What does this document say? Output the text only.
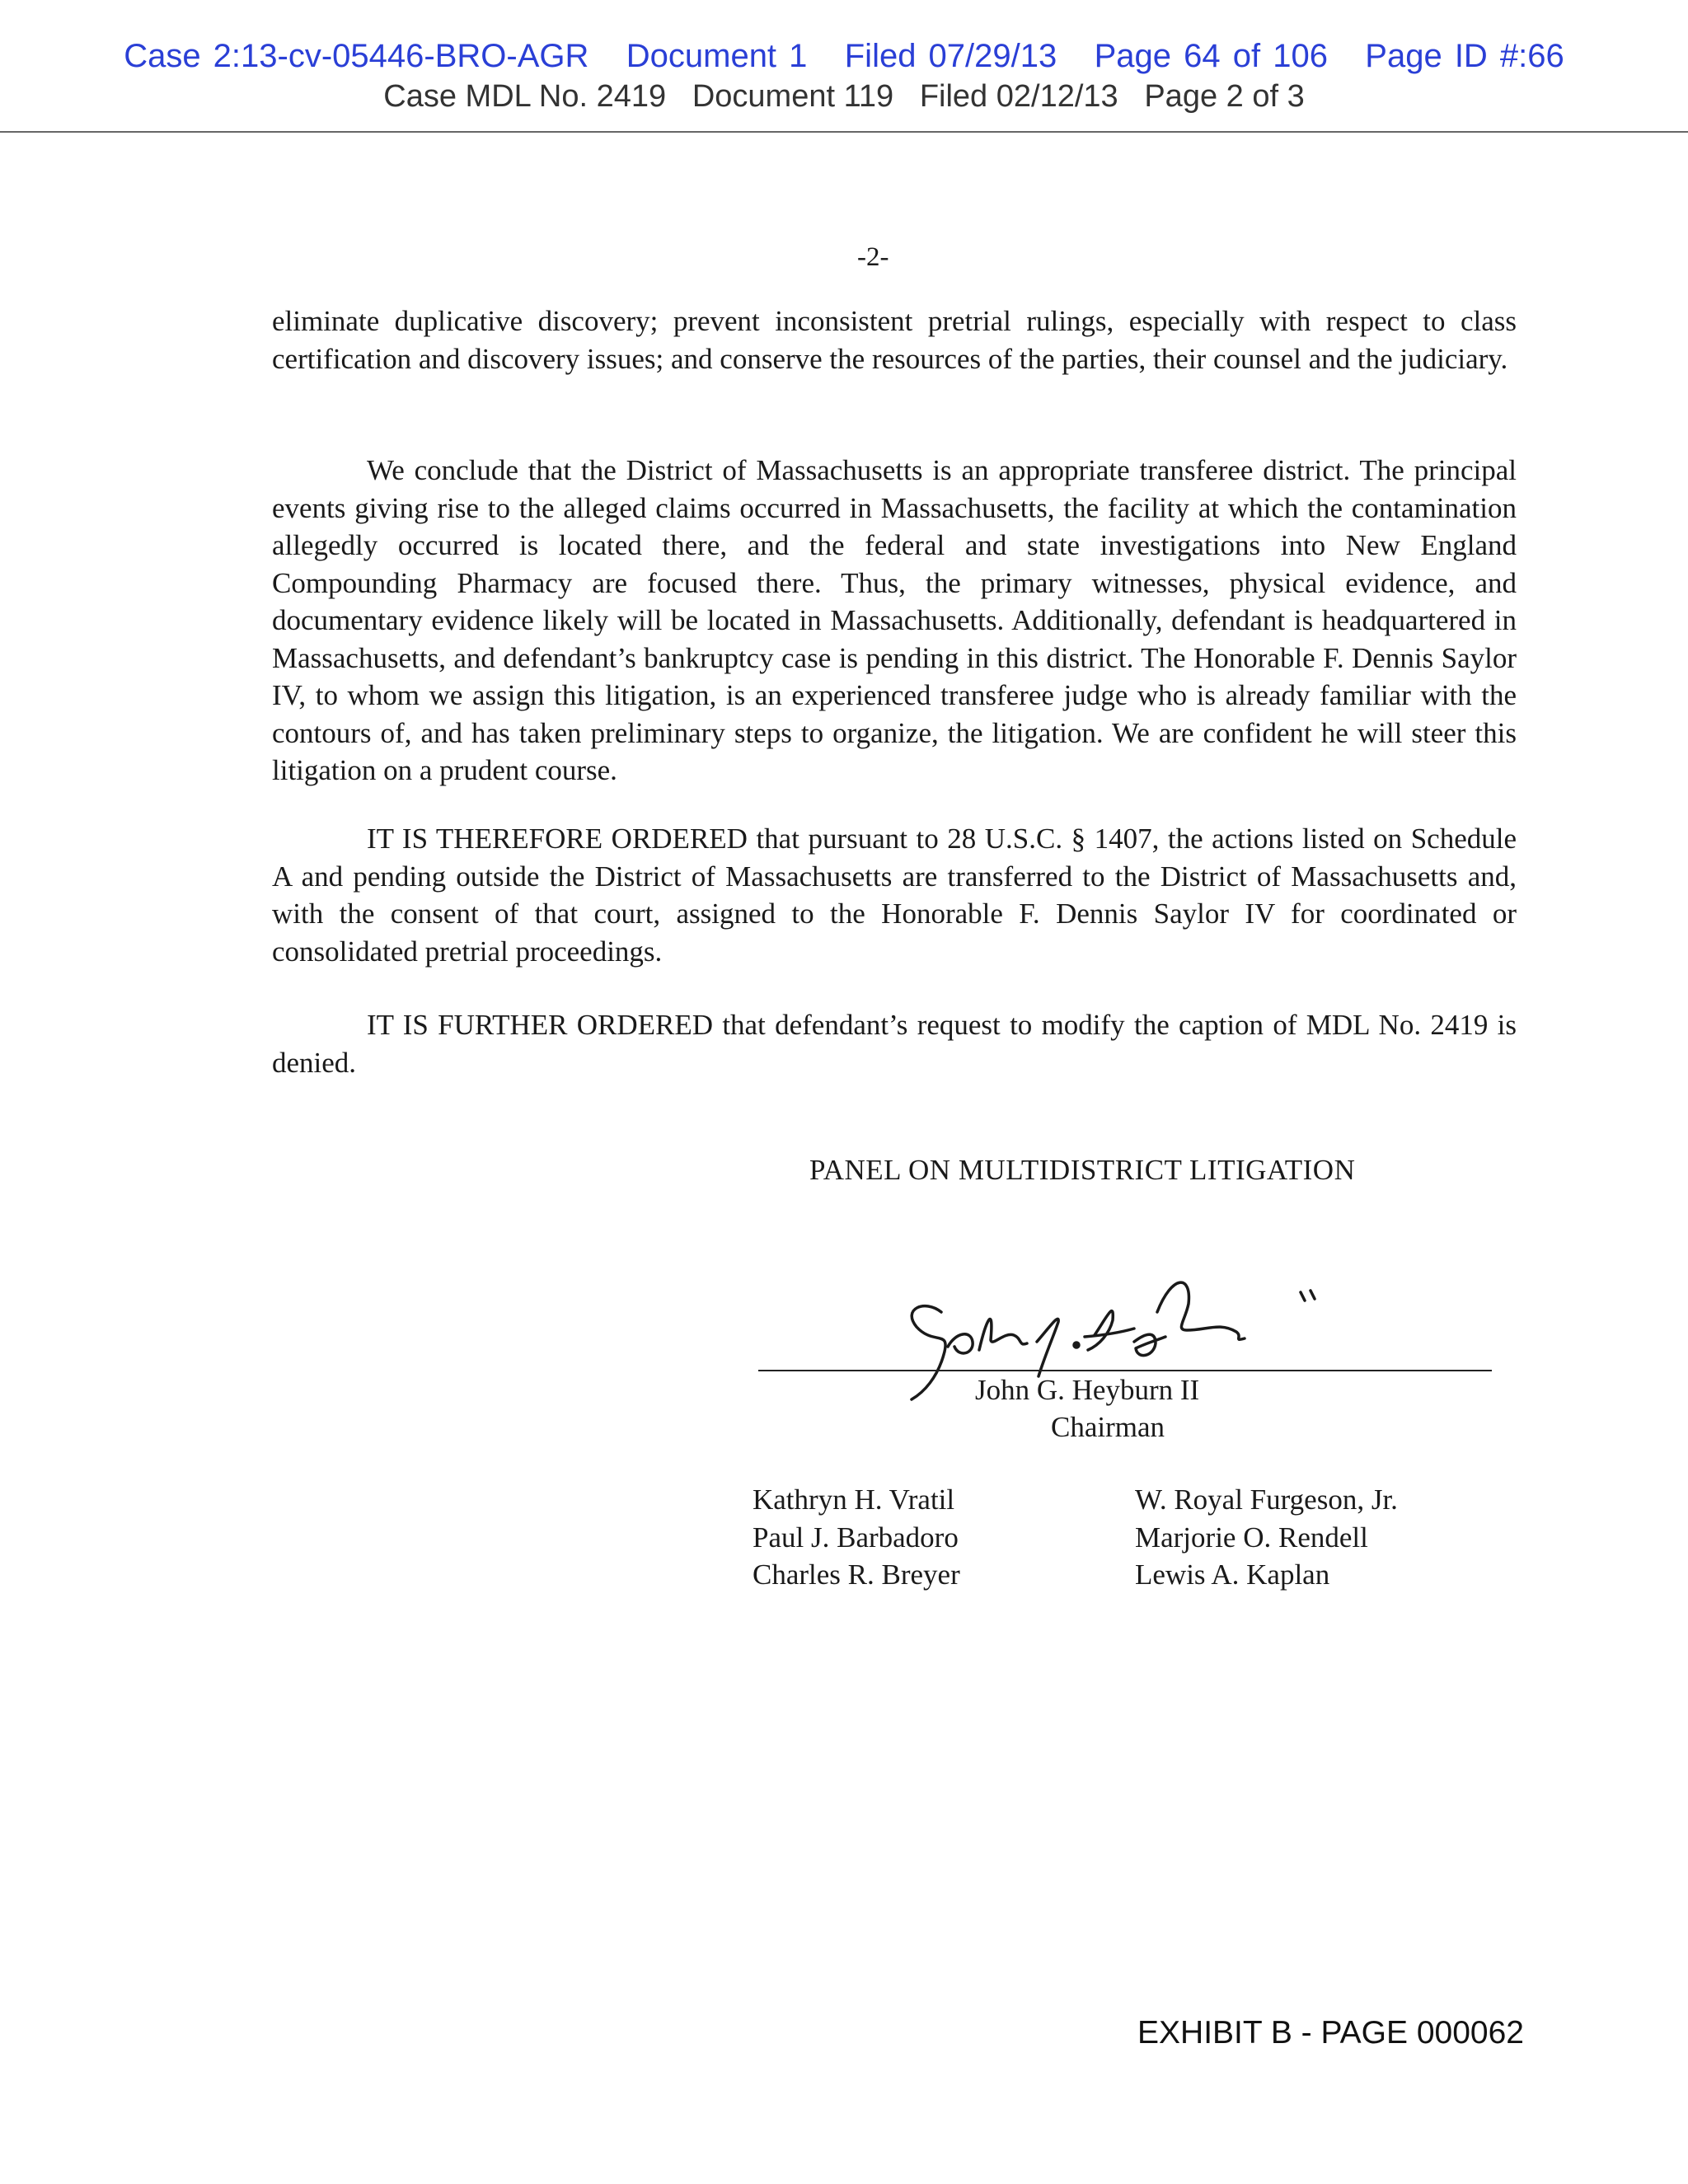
Case 2:13-cv-05446-BRO-AGR   Document 1   Filed 07/29/13   Page 64 of 106   Page ID #:66
Case MDL No. 2419   Document 119   Filed 02/12/13   Page 2 of 3
-2-

eliminate duplicative discovery; prevent inconsistent pretrial rulings, especially with respect to class certification and discovery issues; and conserve the resources of the parties, their counsel and the judiciary.

We conclude that the District of Massachusetts is an appropriate transferee district. The principal events giving rise to the alleged claims occurred in Massachusetts, the facility at which the contamination allegedly occurred is located there, and the federal and state investigations into New England Compounding Pharmacy are focused there. Thus, the primary witnesses, physical evidence, and documentary evidence likely will be located in Massachusetts. Additionally, defendant is headquartered in Massachusetts, and defendant’s bankruptcy case is pending in this district. The Honorable F. Dennis Saylor IV, to whom we assign this litigation, is an experienced transferee judge who is already familiar with the contours of, and has taken preliminary steps to organize, the litigation. We are confident he will steer this litigation on a prudent course.

IT IS THEREFORE ORDERED that pursuant to 28 U.S.C. § 1407, the actions listed on Schedule A and pending outside the District of Massachusetts are transferred to the District of Massachusetts and, with the consent of that court, assigned to the Honorable F. Dennis Saylor IV for coordinated or consolidated pretrial proceedings.

IT IS FURTHER ORDERED that defendant’s request to modify the caption of MDL No. 2419 is denied.

PANEL ON MULTIDISTRICT LITIGATION
John G. Heyburn II
Chairman
Kathryn H. Vratil
Paul J. Barbadoro
Charles R. Breyer
W. Royal Furgeson, Jr.
Marjorie O. Rendell
Lewis A. Kaplan
EXHIBIT B - PAGE 000062
